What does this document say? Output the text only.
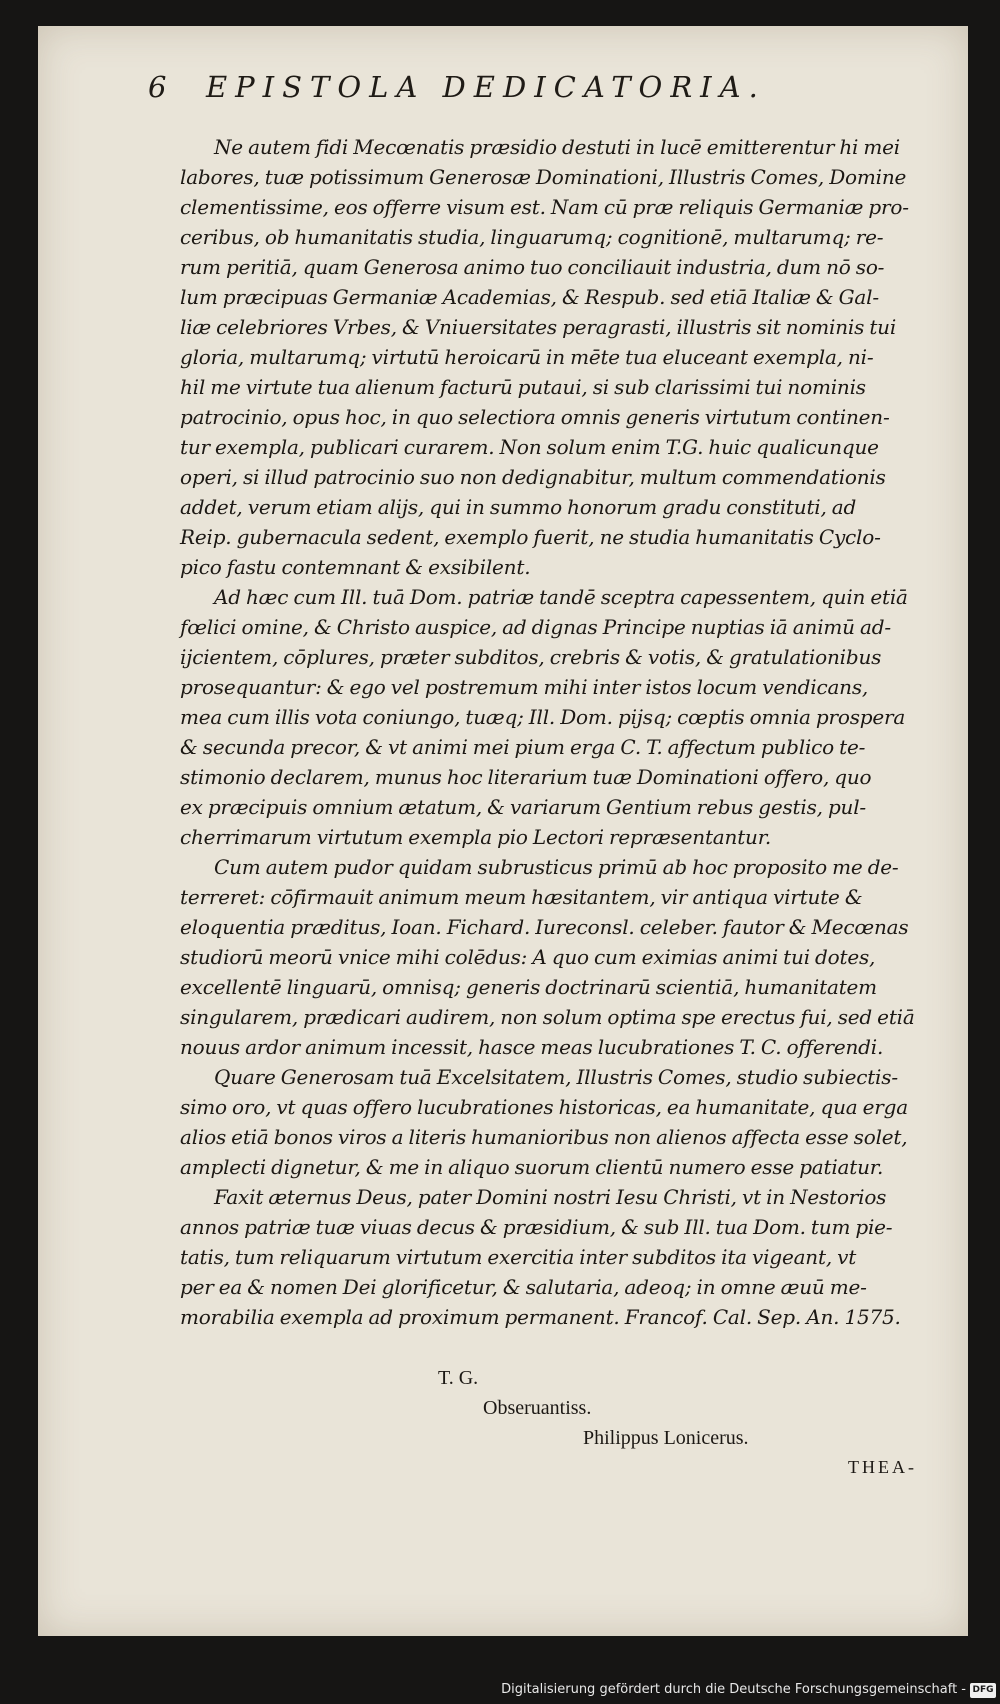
6 EPISTOLA DEDICATORIA.
Ne autem fidi Mecœnatis præsidio destuti in lucē emitterentur hi mei
labores, tuæ potissimum Generosæ Dominationi, Illustris Comes, Domine
clementissime, eos offerre visum est. Nam cū præ reliquis Germaniæ pro-
ceribus, ob humanitatis studia, linguarumq; cognitionē, multarumq; re-
rum peritiā, quam Generosa animo tuo conciliauit industria, dum nō so-
lum præcipuas Germaniæ Academias, & Respub. sed etiā Italiæ & Gal-
liæ celebriores Vrbes, & Vniuersitates peragrasti, illustris sit nominis tui
gloria, multarumq; virtutū heroicarū in mēte tua eluceant exempla, ni-
hil me virtute tua alienum facturū putaui, si sub clarissimi tui nominis
patrocinio, opus hoc, in quo selectiora omnis generis virtutum continen-
tur exempla, publicari curarem. Non solum enim T.G. huic qualicunque
operi, si illud patrocinio suo non dedignabitur, multum commendationis
addet, verum etiam alijs, qui in summo honorum gradu constituti, ad
Reip. gubernacula sedent, exemplo fuerit, ne studia humanitatis Cyclo-
pico fastu contemnant & exsibilent.
Ad hæc cum Ill. tuā Dom. patriæ tandē sceptra capessentem, quin etiā
fœlici omine, & Christo auspice, ad dignas Principe nuptias iā animū ad-
ijcientem, cōplures, præter subditos, crebris & votis, & gratulationibus
prosequantur: & ego vel postremum mihi inter istos locum vendicans,
mea cum illis vota coniungo, tuæq; Ill. Dom. pijsq; cœptis omnia prospera
& secunda precor, & vt animi mei pium erga C. T. affectum publico te-
stimonio declarem, munus hoc literarium tuæ Dominationi offero, quo
ex præcipuis omnium ætatum, & variarum Gentium rebus gestis, pul-
cherrimarum virtutum exempla pio Lectori repræsentantur.
Cum autem pudor quidam subrusticus primū ab hoc proposito me de-
terreret: cōfirmauit animum meum hæsitantem, vir antiqua virtute &
eloquentia præditus, Ioan. Fichard. Iureconsl. celeber. fautor & Mecœnas
studiorū meorū vnice mihi colēdus: A quo cum eximias animi tui dotes,
excellentē linguarū, omnisq; generis doctrinarū scientiā, humanitatem
singularem, prædicari audirem, non solum optima spe erectus fui, sed etiā
nouus ardor animum incessit, hasce meas lucubrationes T. C. offerendi.
Quare Generosam tuā Excelsitatem, Illustris Comes, studio subiectis-
simo oro, vt quas offero lucubrationes historicas, ea humanitate, qua erga
alios etiā bonos viros a literis humanioribus non alienos affecta esse solet,
amplecti dignetur, & me in aliquo suorum clientū numero esse patiatur.
Faxit æternus Deus, pater Domini nostri Iesu Christi, vt in Nestorios
annos patriæ tuæ viuas decus & præsidium, & sub Ill. tua Dom. tum pie-
tatis, tum reliquarum virtutum exercitia inter subditos ita vigeant, vt
per ea & nomen Dei glorificetur, & salutaria, adeoq; in omne æuū me-
morabilia exempla ad proximum permanent. Francof. Cal. Sep. An. 1575.
T. G.
Obseruantiss.
Philippus Lonicerus.
THEA-
Digitalisierung gefördert durch die Deutsche Forschungsgemeinschaft - DFG
